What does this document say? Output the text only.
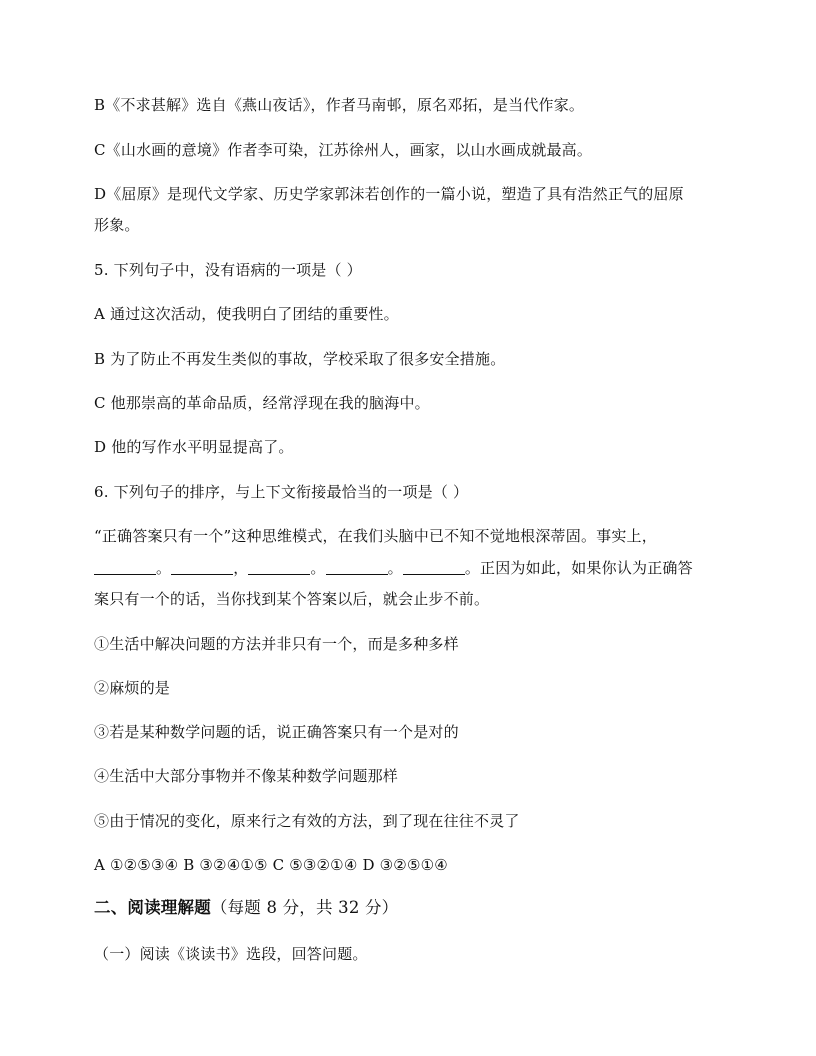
B《不求甚解》选自《燕山夜话》，作者马南邨，原名邓拓，是当代作家。
C《山水画的意境》作者李可染，江苏徐州人，画家，以山水画成就最高。
D《屈原》是现代文学家、历史学家郭沫若创作的一篇小说，塑造了具有浩然正气的屈原
形象。
5. 下列句子中，没有语病的一项是（ ）
A 通过这次活动，使我明白了团结的重要性。
B 为了防止不再发生类似的事故，学校采取了很多安全措施。
C 他那崇高的革命品质，经常浮现在我的脑海中。
D 他的写作水平明显提高了。
6. 下列句子的排序，与上下文衔接最恰当的一项是（ ）
“正确答案只有一个”这种思维模式，在我们头脑中已不知不觉地根深蒂固。事实上，
。	，	。	。	。正因为如此，如果你认为正确答
案只有一个的话，当你找到某个答案以后，就会止步不前。
①生活中解决问题的方法并非只有一个，而是多种多样
②麻烦的是
③若是某种数学问题的话，说正确答案只有一个是对的
④生活中大部分事物并不像某种数学问题那样
⑤由于情况的变化，原来行之有效的方法，到了现在往往不灵了
A ①②⑤③④ B ③②④①⑤ C ⑤③②①④ D ③②⑤①④
二、阅读理解题（每题 8 分，共 32 分）
（一）阅读《谈读书》选段，回答问题。
